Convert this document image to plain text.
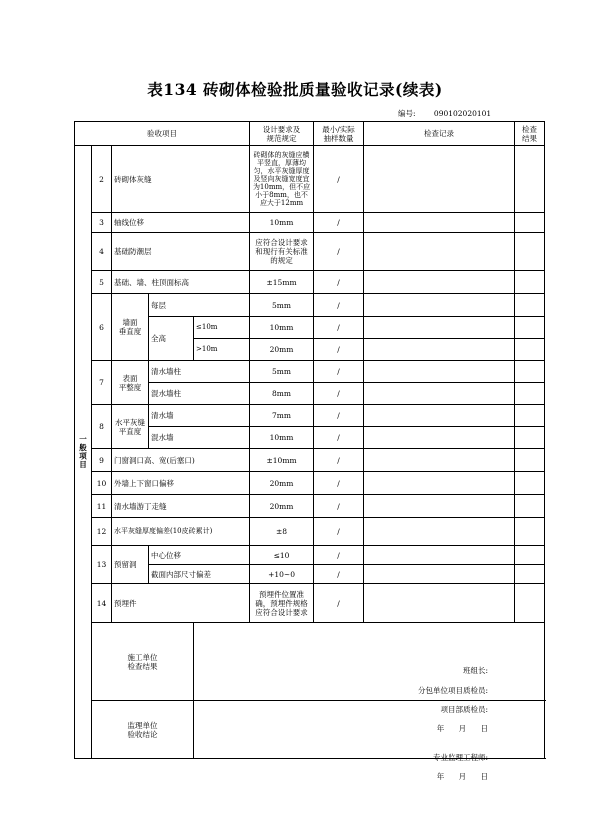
表134 砖砌体检验批质量验收记录(续表)
编号: 090102020101
验收项目					设计要求及
规范规定	最小/实际
抽样数量	检查记录	检查
结果

一般项目	2	砖砌体灰缝			砖砌体的灰缝应横平竖直，厚薄均匀，水平灰缝厚度及竖向灰缝宽度宜为10mm，但不应小于8mm，也不应大于12mm	/		
	3	轴线位移			10mm	/		
	4	基础防潮层			应符合设计要求和现行有关标准的规定	/		
	5	基础、墙、柱顶面标高			±15mm	/		
	6	墙面
垂直度	每层		5mm	/		
			全高	≤10m	10mm	/		
				>10m	20mm	/		
	7	表面
平整度	清水墙柱		5mm	/		
			混水墙柱		8mm	/		
	8	水平灰缝
平直度	清水墙		7mm	/		
			混水墙		10mm	/		
	9	门窗洞口高、宽(后塞口)			±10mm	/		
	10	外墙上下窗口偏移			20mm	/		
	11	清水墙游丁走缝			20mm	/		
	12	水平灰缝厚度偏差(10皮砖累计)			±8	/		
	13	预留洞	中心位移		≤10	/		
			截面内部尺寸偏差		+10~0	/		
	14	预埋件			预埋件位置准确，预埋件规格应符合设计要求	/		
	施工单位
检查结果			班组长:
分包单位项目质检员:
项目部质检员:
年 月 日				

	监理单位
验收结论			专业监理工程师:
年 月 日				
